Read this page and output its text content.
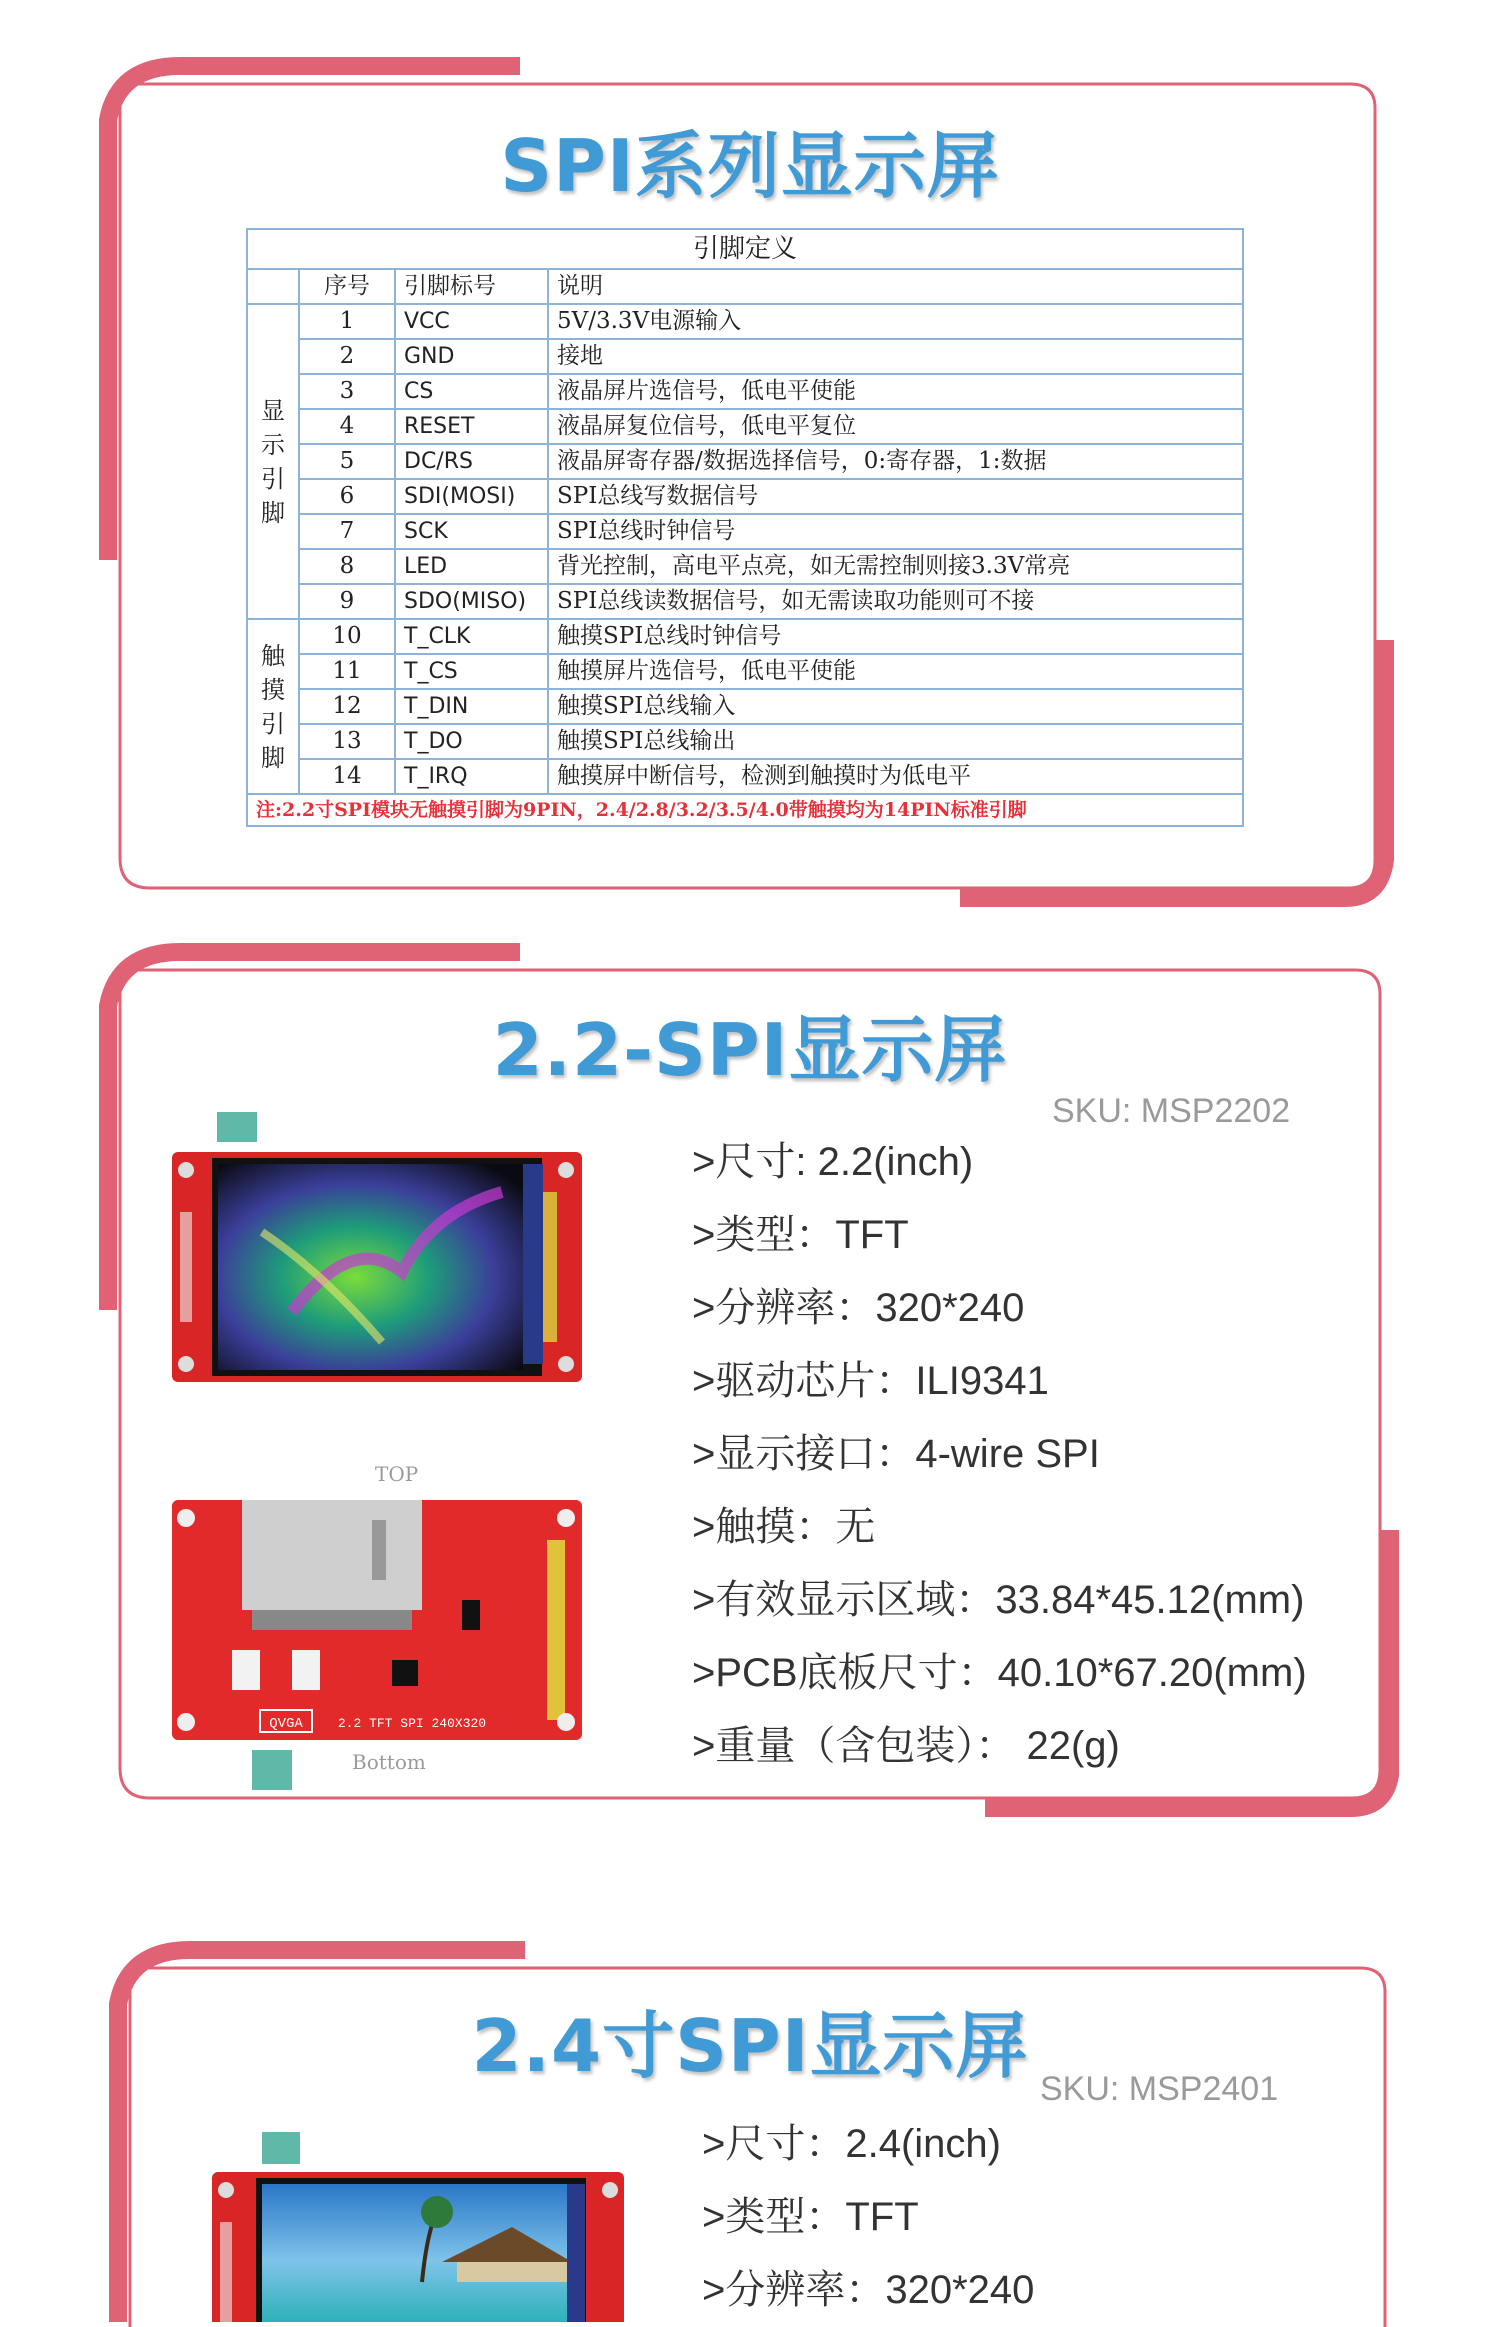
SPI系列显示屏
引脚定义			
	序号	引脚标号	说明
显
示
引
脚	1	VCC	5V/3.3V电源输入
	2	GND	接地
	3	CS	液晶屏片选信号，低电平使能
	4	RESET	液晶屏复位信号，低电平复位
	5	DC/RS	液晶屏寄存器/数据选择信号，0:寄存器，1:数据
	6	SDI(MOSI)	SPI总线写数据信号
	7	SCK	SPI总线时钟信号
	8	LED	背光控制，高电平点亮，如无需控制则接3.3V常亮
	9	SDO(MISO)	SPI总线读数据信号，如无需读取功能则可不接
触
摸
引
脚	10	T_CLK	触摸SPI总线时钟信号
	11	T_CS	触摸屏片选信号，低电平使能
	12	T_DIN	触摸SPI总线输入
	13	T_DO	触摸SPI总线输出
	14	T_IRQ	触摸屏中断信号，检测到触摸时为低电平
注:2.2寸SPI模块无触摸引脚为9PIN，2.4/2.8/3.2/3.5/4.0带触摸均为14PIN标准引脚			
2.2-SPI显示屏
SKU: MSP2202
TOP
QVGA	2.2 TFT SPI 240X320
Bottom
>尺寸: 2.2(inch)
>类型：TFT
>分辨率：320*240
>驱动芯片：ILI9341
>显示接口：4-wire SPI
>触摸：无
>有效显示区域：33.84*45.12(mm)
>PCB底板尺寸：40.10*67.20(mm)
>重量（含包装）： 22(g)
2.4寸SPI显示屏
SKU: MSP2401
>尺寸：2.4(inch)
>类型：TFT
>分辨率：320*240
